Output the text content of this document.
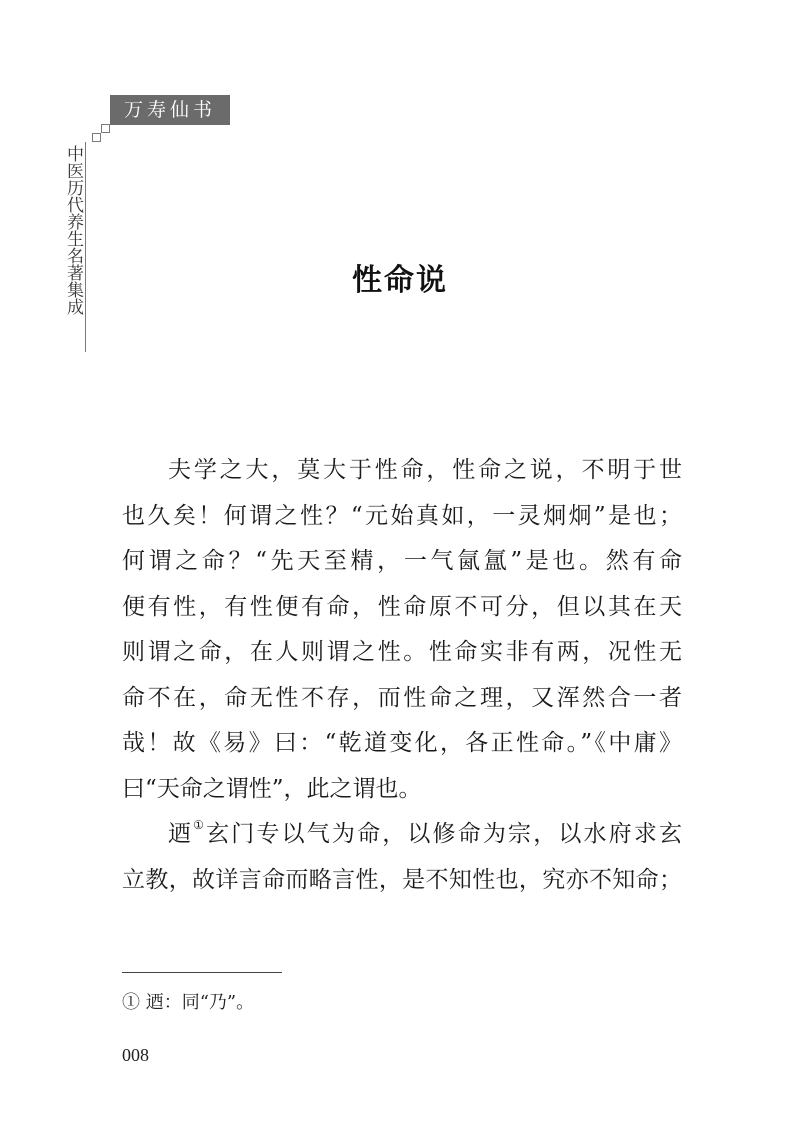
万寿仙书
中医历代养生名著集成	性命说
夫学之大，莫大于性命，性命之说，不明于世
也久矣！何谓之性？“元始真如，一灵炯炯”是也；
何谓之命？“先天至精，一气氤氲”是也。然有命
便有性，有性便有命，性命原不可分，但以其在天
则谓之命，在人则谓之性。性命实非有两，况性无
命不在，命无性不存，而性命之理，又浑然合一者
哉！故《易》曰：“乾道变化，各正性命。”《中庸》
曰“天命之谓性”，此之谓也。
迺①玄门专以气为命，以修命为宗，以水府求玄
立教，故详言命而略言性，是不知性也，究亦不知命；
① 迺：同“乃”。
008
